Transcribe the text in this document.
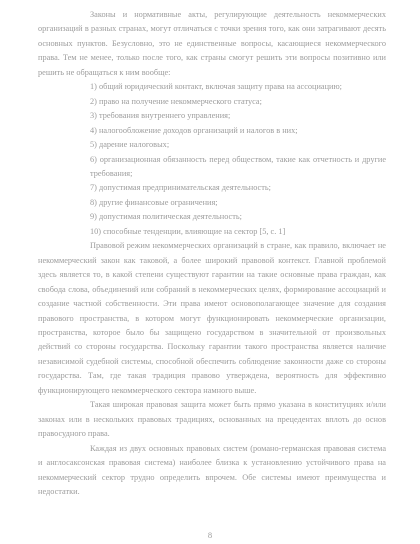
Законы и нормативные акты, регулирующие деятельность некоммерческих организаций в разных странах, могут отличаться с точки зрения того, как они затрагивают десять основных пунктов. Безусловно, это не единственные вопросы, касающиеся некоммерческого права. Тем не менее, только после того, как страны смогут решить эти вопросы позитивно или решить не обращаться к ним вообще:

1) общий юридический контакт, включая защиту права на ассоциацию;

2) право на получение некоммерческого статуса;

3) требования внутреннего управления;

4) налогообложение доходов организаций и налогов в них;

5) дарение налоговых;

6) организационная обязанность перед обществом, такие как отчетность и другие требования;

7) допустимая предпринимательская деятельность;

8) другие финансовые ограничения;

9) допустимая политическая деятельность;

10) способные тенденции, влияющие на сектор [5, с. 1]

Правовой режим некоммерческих организаций в стране, как правило, включает не некоммерческий закон как таковой, а более широкий правовой контекст. Главной проблемой здесь является то, в какой степени существуют гарантии на такие основные права граждан, как свобода слова, объединений или собраний в некоммерческих целях, формирование ассоциаций и создание частной собственности. Эти права имеют основополагающее значение для создания правового пространства, в котором могут функционировать некоммерческие организации, пространства, которое было бы защищено государством в значительной от произвольных действий со стороны государства. Поскольку гарантии такого пространства является наличие независимой судебной системы, способной обеспечить соблюдение законности даже со стороны государства. Там, где такая традиция правово утверждена, вероятность для эффективно функционирующего некоммерческого сектора намного выше.

Такая широкая правовая защита может быть прямо указана в конституциях и/или законах или в нескольких правовых традициях, основанных на прецедентах вплоть до основ правосудного права.

Каждая из двух основных правовых систем (романо-германская правовая система и англосаксонская правовая система) наиболее близка к установлению устойчивого права на некоммерческий сектор трудно определить впрочем. Обе системы имеют преимущества и недостатки.

8
